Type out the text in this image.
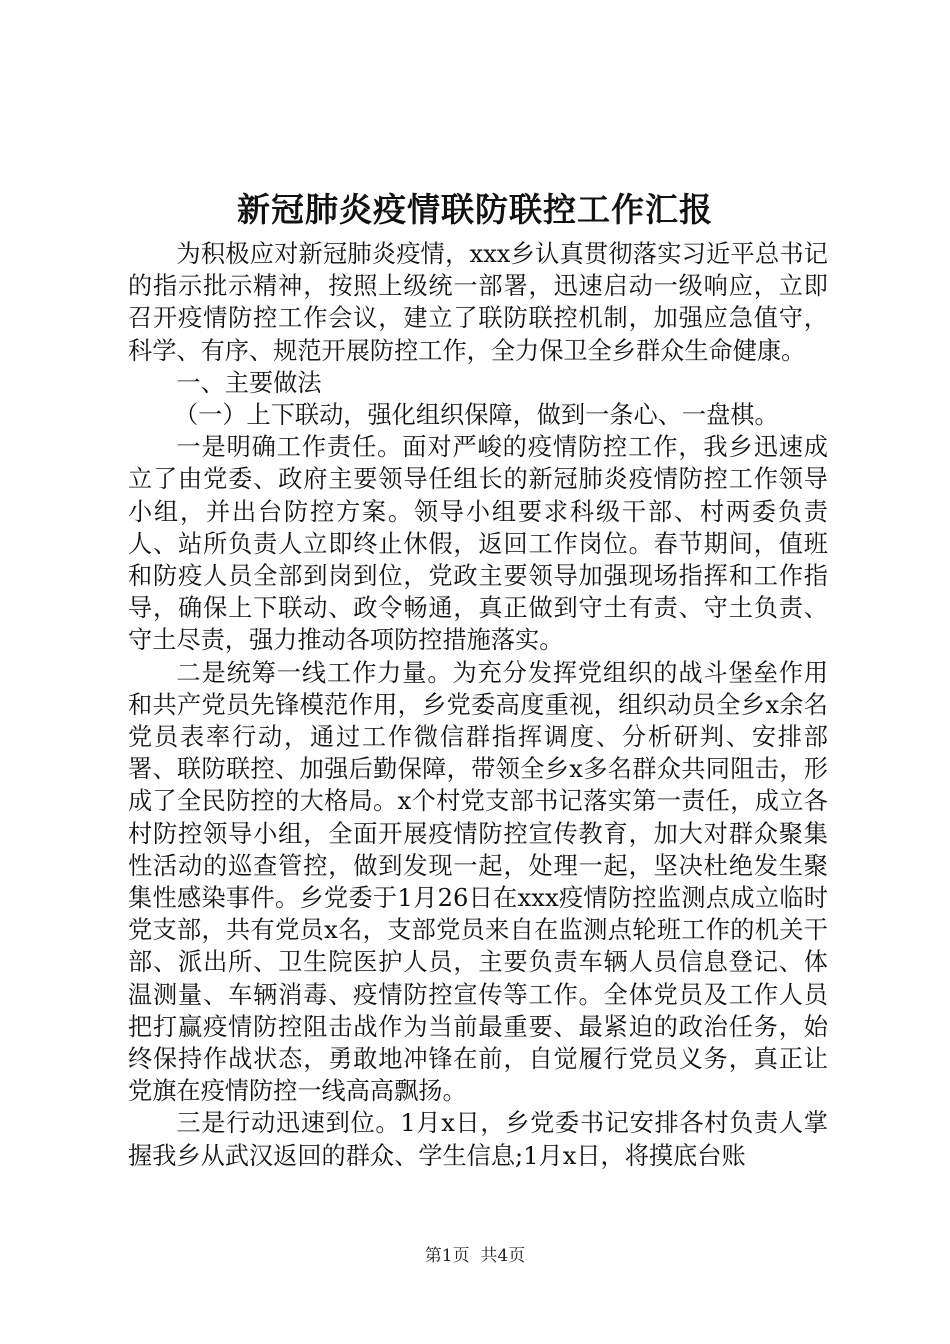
新冠肺炎疫情联防联控工作汇报

为积极应对新冠肺炎疫情，xxx乡认真贯彻落实习近平总书记的指示批示精神，按照上级统一部署，迅速启动一级响应，立即召开疫情防控工作会议，建立了联防联控机制，加强应急值守，科学、有序、规范开展防控工作，全力保卫全乡群众生命健康。

一、主要做法

（一）上下联动，强化组织保障，做到一条心、一盘棋。

一是明确工作责任。面对严峻的疫情防控工作，我乡迅速成立了由党委、政府主要领导任组长的新冠肺炎疫情防控工作领导小组，并出台防控方案。领导小组要求科级干部、村两委负责人、站所负责人立即终止休假，返回工作岗位。春节期间，值班和防疫人员全部到岗到位，党政主要领导加强现场指挥和工作指导，确保上下联动、政令畅通，真正做到守土有责、守土负责、守土尽责，强力推动各项防控措施落实。

二是统筹一线工作力量。为充分发挥党组织的战斗堡垒作用和共产党员先锋模范作用，乡党委高度重视，组织动员全乡x余名党员表率行动，通过工作微信群指挥调度、分析研判、安排部署、联防联控、加强后勤保障，带领全乡x多名群众共同阻击，形成了全民防控的大格局。x个村党支部书记落实第一责任，成立各村防控领导小组，全面开展疫情防控宣传教育，加大对群众聚集性活动的巡查管控，做到发现一起，处理一起，坚决杜绝发生聚集性感染事件。乡党委于1月26日在xxx疫情防控监测点成立临时党支部，共有党员x名，支部党员来自在监测点轮班工作的机关干部、派出所、卫生院医护人员，主要负责车辆人员信息登记、体温测量、车辆消毒、疫情防控宣传等工作。全体党员及工作人员把打赢疫情防控阻击战作为当前最重要、最紧迫的政治任务，始终保持作战状态，勇敢地冲锋在前，自觉履行党员义务，真正让党旗在疫情防控一线高高飘扬。

三是行动迅速到位。1月x日，乡党委书记安排各村负责人掌握我乡从武汉返回的群众、学生信息;1月x日，将摸底台账

第1页  共4页
